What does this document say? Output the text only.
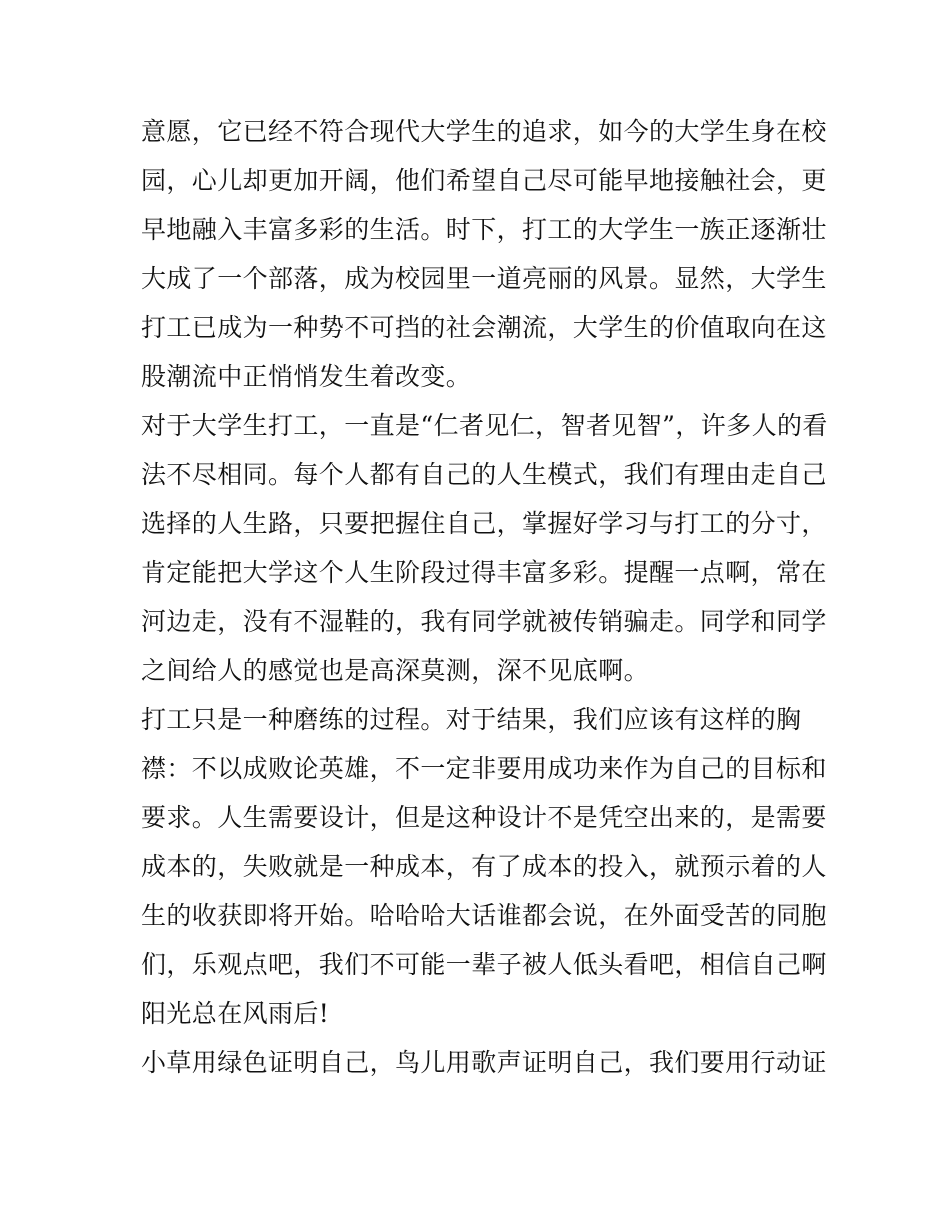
意愿，它已经不符合现代大学生的追求，如今的大学生身在校
园，心儿却更加开阔，他们希望自己尽可能早地接触社会，更
早地融入丰富多彩的生活。时下，打工的大学生一族正逐渐壮
大成了一个部落，成为校园里一道亮丽的风景。显然，大学生
打工已成为一种势不可挡的社会潮流，大学生的价值取向在这
股潮流中正悄悄发生着改变。
对于大学生打工，一直是“仁者见仁，智者见智”，许多人的看
法不尽相同。每个人都有自己的人生模式，我们有理由走自己
选择的人生路，只要把握住自己，掌握好学习与打工的分寸，
肯定能把大学这个人生阶段过得丰富多彩。提醒一点啊，常在
河边走，没有不湿鞋的，我有同学就被传销骗走。同学和同学
之间给人的感觉也是高深莫测，深不见底啊。
打工只是一种磨练的过程。对于结果，我们应该有这样的胸
襟：不以成败论英雄，不一定非要用成功来作为自己的目标和
要求。人生需要设计，但是这种设计不是凭空出来的，是需要
成本的，失败就是一种成本，有了成本的投入，就预示着的人
生的收获即将开始。哈哈哈大话谁都会说，在外面受苦的同胞
们，乐观点吧，我们不可能一辈子被人低头看吧，相信自己啊
阳光总在风雨后!
小草用绿色证明自己，鸟儿用歌声证明自己，我们要用行动证
